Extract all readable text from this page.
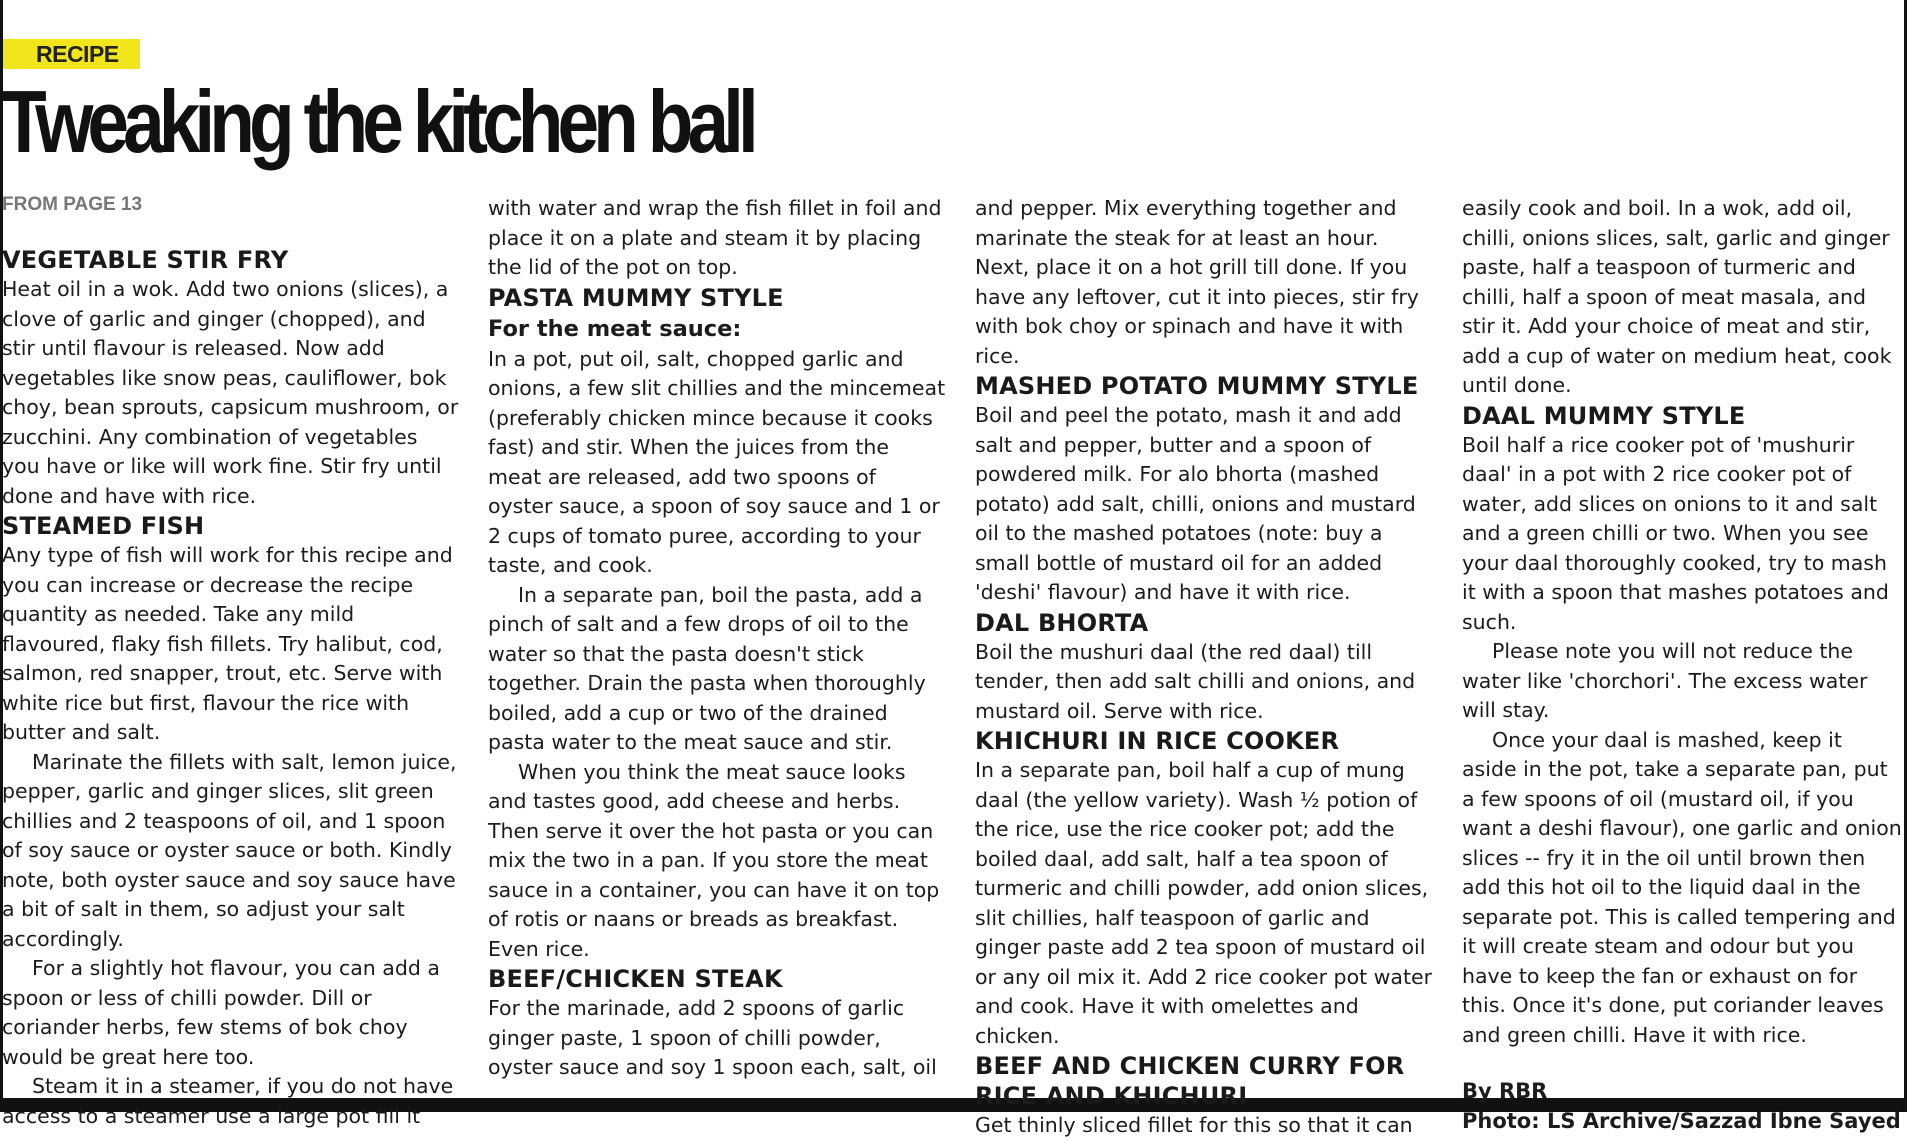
RECIPE
Tweaking the kitchen ball
FROM PAGE 13
VEGETABLE STIR FRY

Heat oil in a wok. Add two onions (slices), a clove of garlic and ginger (chopped), and stir until flavour is released. Now add vegetables like snow peas, cauliflower, bok choy, bean sprouts, capsicum mushroom, or zucchini. Any combination of vegetables you have or like will work fine. Stir fry until done and have with rice.

STEAMED FISH

Any type of fish will work for this recipe and you can increase or decrease the recipe quantity as needed. Take any mild flavoured, flaky fish fillets. Try halibut, cod, salmon, red snapper, trout, etc. Serve with white rice but first, flavour the rice with butter and salt.

Marinate the fillets with salt, lemon juice, pepper, garlic and ginger slices, slit green chillies and 2 teaspoons of oil, and 1 spoon of soy sauce or oyster sauce or both. Kindly note, both oyster sauce and soy sauce have a bit of salt in them, so adjust your salt accordingly.

For a slightly hot flavour, you can add a spoon or less of chilli powder. Dill or coriander herbs, few stems of bok choy would be great here too.

Steam it in a steamer, if you do not have access to a steamer use a large pot fill it

with water and wrap the fish fillet in foil and place it on a plate and steam it by placing the lid of the pot on top.

PASTA MUMMY STYLE
For the meat sauce:

In a pot, put oil, salt, chopped garlic and onions, a few slit chillies and the mincemeat (preferably chicken mince because it cooks fast) and stir. When the juices from the meat are released, add two spoons of oyster sauce, a spoon of soy sauce and 1 or 2 cups of tomato puree, according to your taste, and cook.

In a separate pan, boil the pasta, add a pinch of salt and a few drops of oil to the water so that the pasta doesn't stick together. Drain the pasta when thoroughly boiled, add a cup or two of the drained pasta water to the meat sauce and stir.

When you think the meat sauce looks and tastes good, add cheese and herbs. Then serve it over the hot pasta or you can mix the two in a pan. If you store the meat sauce in a container, you can have it on top of rotis or naans or breads as breakfast. Even rice.

BEEF/CHICKEN STEAK

For the marinade, add 2 spoons of garlic ginger paste, 1 spoon of chilli powder, oyster sauce and soy 1 spoon each, salt, oil

and pepper. Mix everything together and marinate the steak for at least an hour. Next, place it on a hot grill till done. If you have any leftover, cut it into pieces, stir fry with bok choy or spinach and have it with rice.

MASHED POTATO MUMMY STYLE

Boil and peel the potato, mash it and add salt and pepper, butter and a spoon of powdered milk. For alo bhorta (mashed potato) add salt, chilli, onions and mustard oil to the mashed potatoes (note: buy a small bottle of mustard oil for an added 'deshi' flavour) and have it with rice.

DAL BHORTA

Boil the mushuri daal (the red daal) till tender, then add salt chilli and onions, and mustard oil. Serve with rice.

KHICHURI IN RICE COOKER

In a separate pan, boil half a cup of mung daal (the yellow variety). Wash ½ potion of the rice, use the rice cooker pot; add the boiled daal, add salt, half a tea spoon of turmeric and chilli powder, add onion slices, slit chillies, half teaspoon of garlic and ginger paste add 2 tea spoon of mustard oil or any oil mix it. Add 2 rice cooker pot water and cook. Have it with omelettes and chicken.

BEEF AND CHICKEN CURRY FOR RICE AND KHICHURI

Get thinly sliced fillet for this so that it can

easily cook and boil. In a wok, add oil, chilli, onions slices, salt, garlic and ginger paste, half a teaspoon of turmeric and chilli, half a spoon of meat masala, and stir it. Add your choice of meat and stir, add a cup of water on medium heat, cook until done.

DAAL MUMMY STYLE

Boil half a rice cooker pot of 'mushurir daal' in a pot with 2 rice cooker pot of water, add slices on onions to it and salt and a green chilli or two. When you see your daal thoroughly cooked, try to mash it with a spoon that mashes potatoes and such.

Please note you will not reduce the water like 'chorchori'. The excess water will stay.

Once your daal is mashed, keep it aside in the pot, take a separate pan, put a few spoons of oil (mustard oil, if you want a deshi flavour), one garlic and onion slices -- fry it in the oil until brown then add this hot oil to the liquid daal in the separate pot. This is called tempering and it will create steam and odour but you have to keep the fan or exhaust on for this. Once it's done, put coriander leaves and green chilli. Have it with rice.

By RBR
Photo: LS Archive/Sazzad Ibne Sayed
